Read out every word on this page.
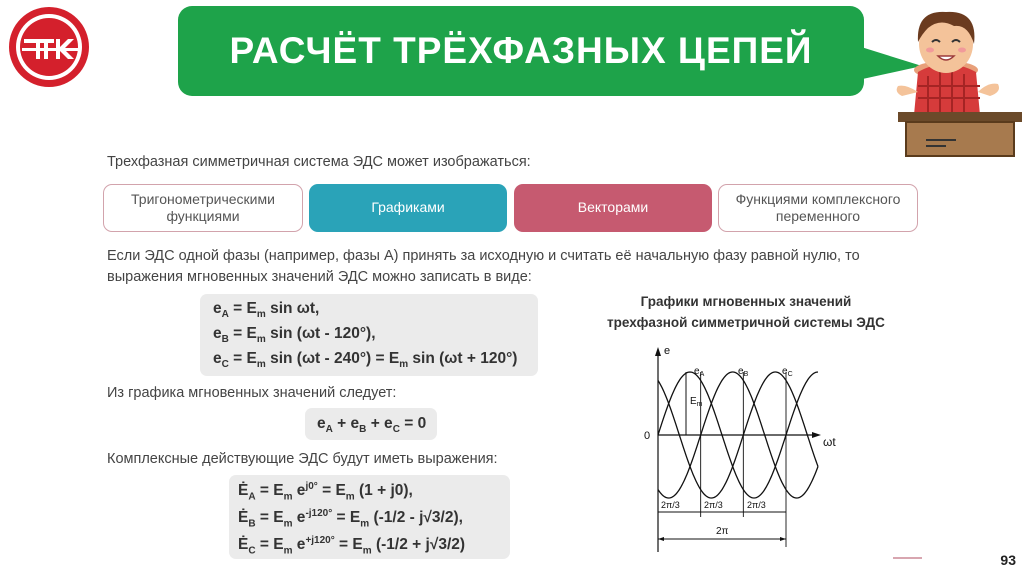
РАСЧЁТ ТРЁХФАЗНЫХ ЦЕПЕЙ
Трехфазная симметричная система ЭДС может изображаться:
Тригонометрическими
функциями
Графиками	Векторами
Функциями комплексного
переменного
Если ЭДС одной фазы (например, фазы А) принять за исходную и считать её начальную фазу равной нулю, то выражения мгновенных значений ЭДС можно записать в виде:
$e_A = E_m$ sin ωt,
$e_B = E_m$ sin (ωt - 120°),
$e_C = E_m$ $\sin (\omega t - 240^\circ) = E_m$ sin (ωt + 120°)
Из графика мгновенных значений следует:
$e_A + e_B + e_C = 0$
Комплексные действующие ЭДС будут иметь выражения:
$Ė_A = E_m$ $e^{j0^\circ} = E_m$ (1 + j0),
$Ė_B = E_m$ $e^{-j120^\circ} = E_m$ (-1/2 - j√3/2),
$Ė_C = E_m$ $e^{+j120^\circ} = E_m$ (-1/2 + j√3/2)
Графики мгновенных значений
трехфазной симметричной системы ЭДС
e
0	ωt
$e_A$	$e_B$	$e_C$
$E_m$
2π/3	2π/3	2π/3
2π
93
